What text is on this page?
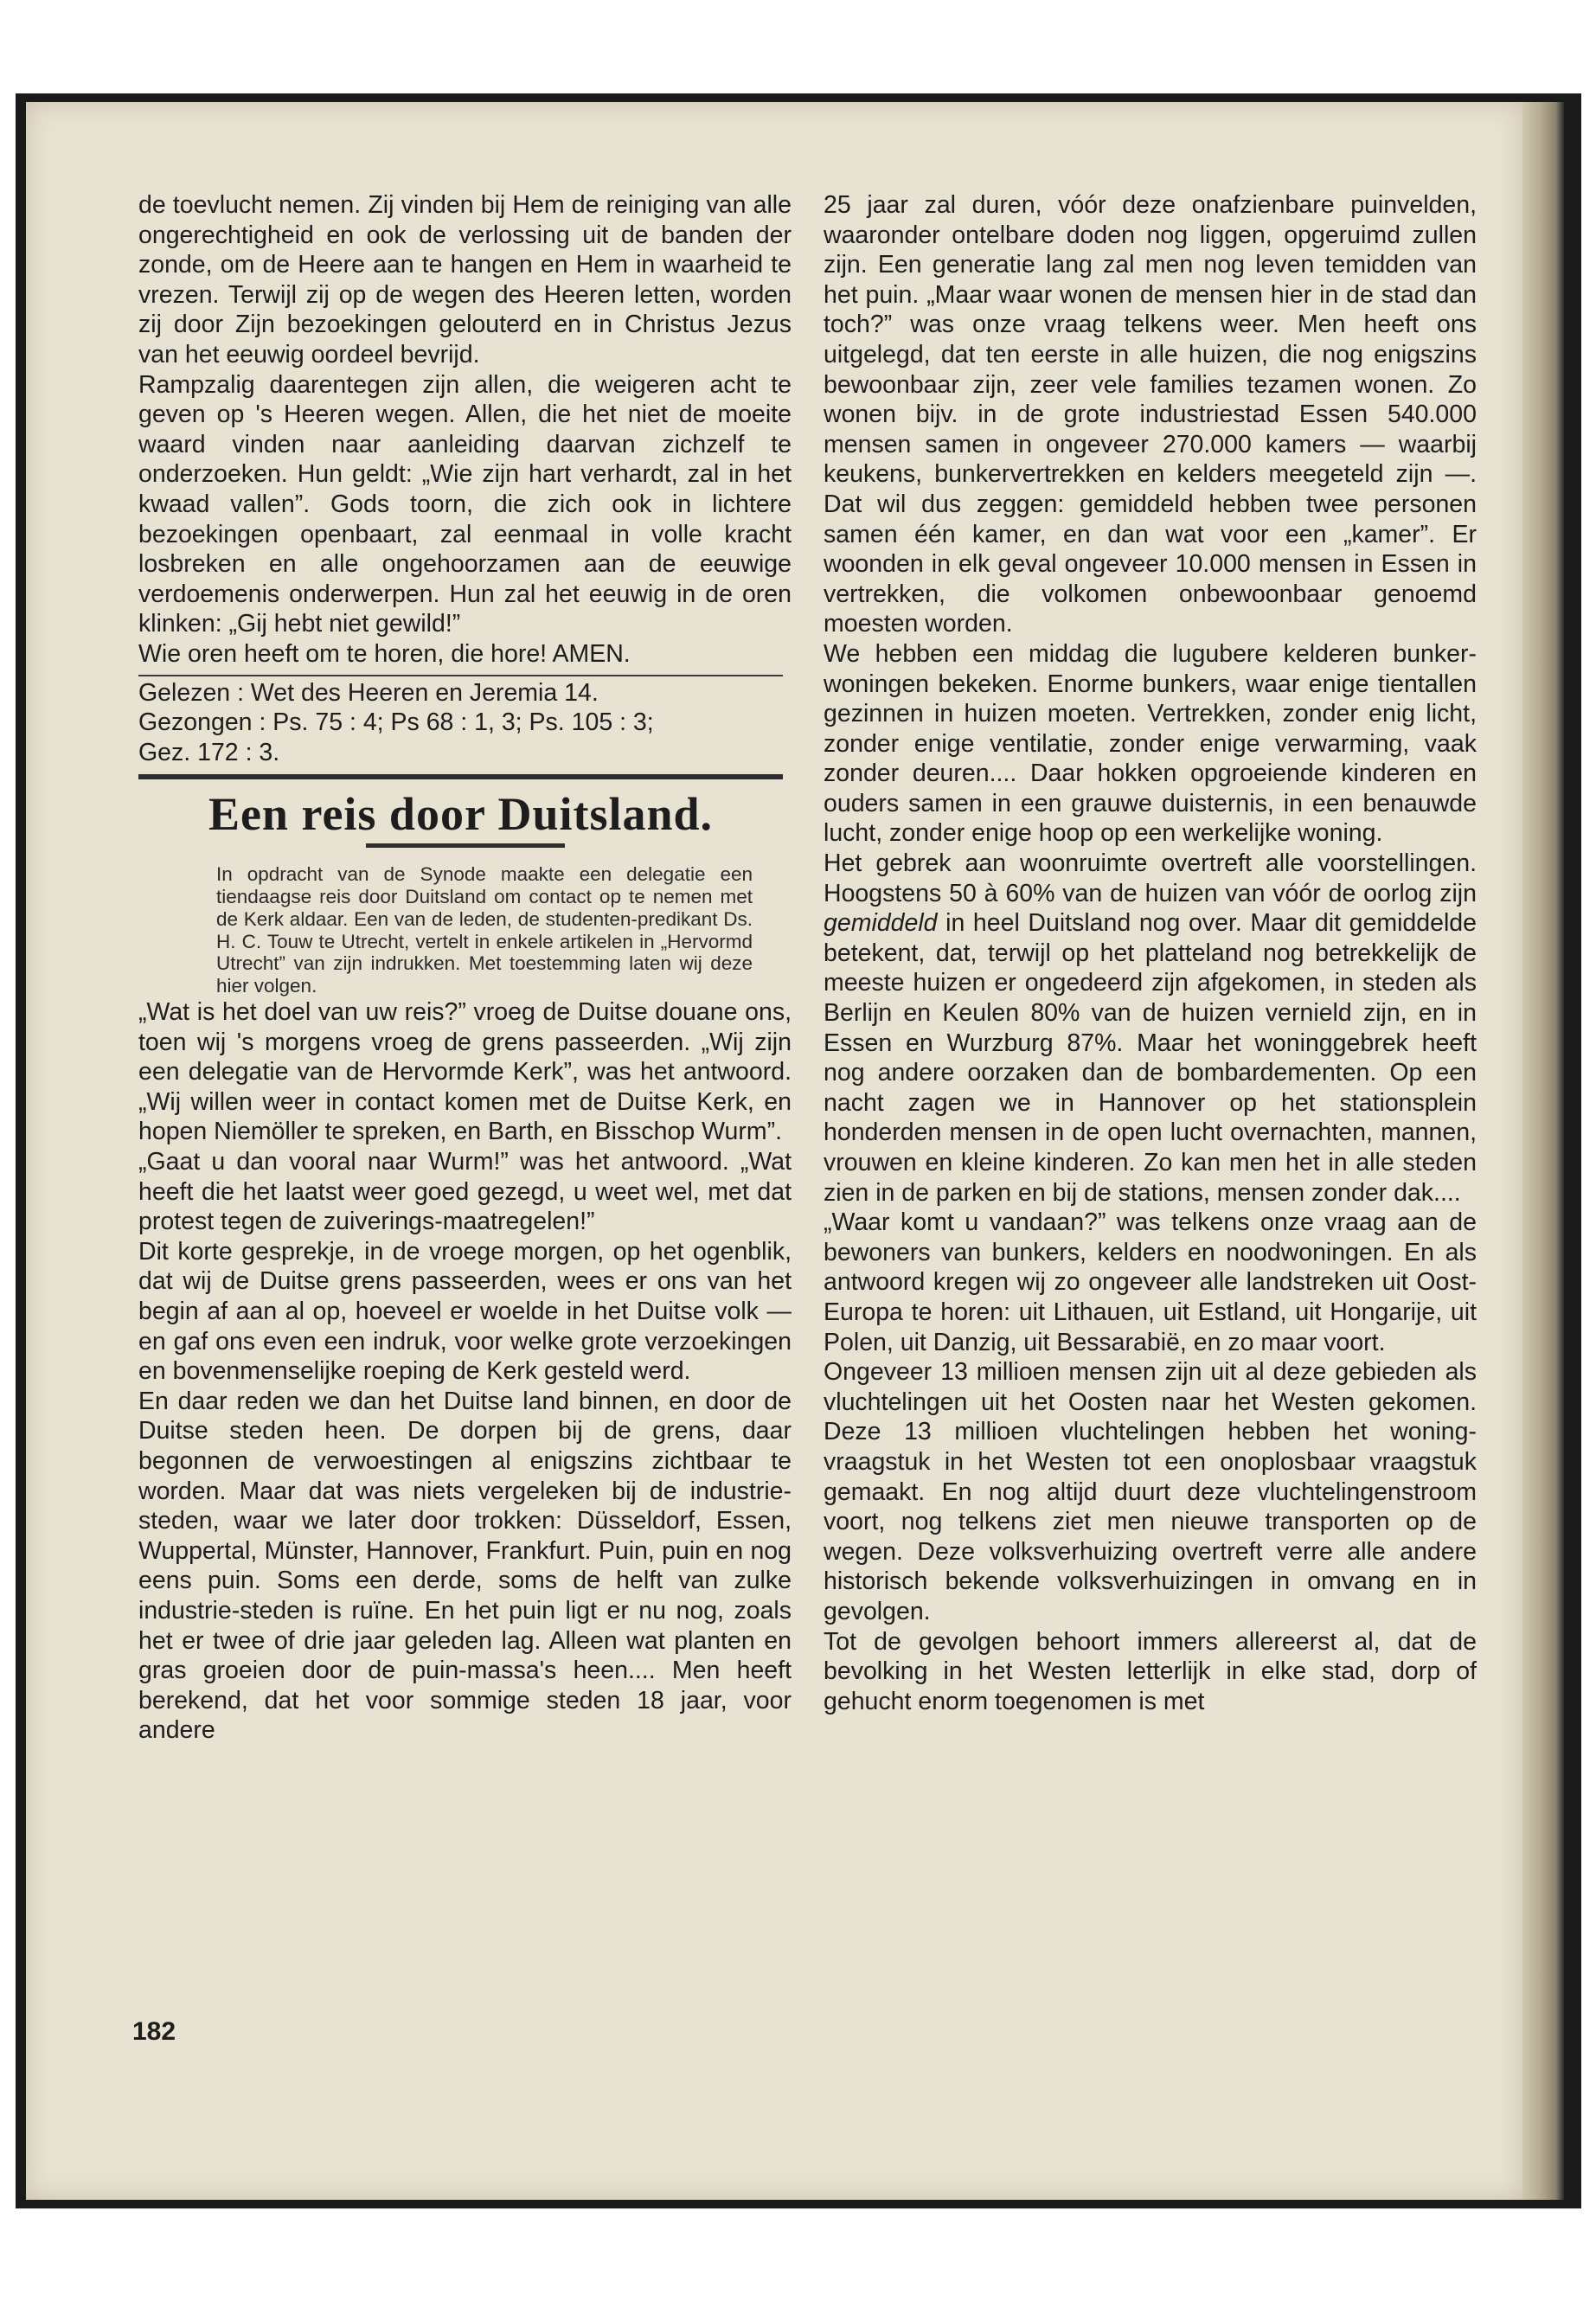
de toevlucht nemen. Zij vinden bij Hem de reiniging van alle ongerechtigheid en ook de verlossing uit de banden der zonde, om de Heere aan te hangen en Hem in waarheid te vrezen. Terwijl zij op de wegen des Heeren letten, worden zij door Zijn bezoekingen gelouterd en in Christus Jezus van het eeuwig oordeel bevrijd.

Rampzalig daarentegen zijn allen, die weigeren acht te geven op 's Heeren wegen. Allen, die het niet de moeite waard vinden naar aanleiding daarvan zichzelf te onderzoeken. Hun geldt: „Wie zijn hart verhardt, zal in het kwaad vallen”. Gods toorn, die zich ook in lichtere bezoekingen openbaart, zal eenmaal in volle kracht losbreken en alle ongehoorzamen aan de eeuwige verdoemenis onderwerpen. Hun zal het eeuwig in de oren klinken: „Gij hebt niet gewild!”

Wie oren heeft om te horen, die hore! AMEN.

Gelezen : Wet des Heeren en Jeremia 14.

Gezongen : Ps. 75 : 4; Ps 68 : 1, 3; Ps. 105 : 3;

Gez. 172 : 3.

Een reis door Duitsland.

In opdracht van de Synode maakte een delegatie een tiendaagse reis door Duitsland om contact op te nemen met de Kerk aldaar. Een van de leden, de studenten-predikant Ds. H. C. Touw te Utrecht, vertelt in enkele artikelen in „Hervormd Utrecht” van zijn indrukken. Met toestemming laten wij deze hier volgen.

„Wat is het doel van uw reis?” vroeg de Duitse douane ons, toen wij 's morgens vroeg de grens passeerden. „Wij zijn een delegatie van de Hervormde Kerk”, was het antwoord. „Wij willen weer in contact komen met de Duitse Kerk, en hopen Niemöller te spreken, en Barth, en Bisschop Wurm”.

„Gaat u dan vooral naar Wurm!” was het antwoord. „Wat heeft die het laatst weer goed gezegd, u weet wel, met dat protest tegen de zuiverings-maatregelen!”

Dit korte gesprekje, in de vroege morgen, op het ogenblik, dat wij de Duitse grens passeerden, wees er ons van het begin af aan al op, hoeveel er woelde in het Duitse volk — en gaf ons even een indruk, voor welke grote verzoekingen en bovenmenselijke roeping de Kerk gesteld werd.

En daar reden we dan het Duitse land binnen, en door de Duitse steden heen. De dorpen bij de grens, daar begonnen de verwoestingen al enigszins zichtbaar te worden. Maar dat was niets vergeleken bij de industrie-steden, waar we later door trokken: Düsseldorf, Essen, Wuppertal, Münster, Hannover, Frankfurt. Puin, puin en nog eens puin. Soms een derde, soms de helft van zulke industrie-steden is ruïne. En het puin ligt er nu nog, zoals het er twee of drie jaar geleden lag. Alleen wat planten en gras groeien door de puin-massa's heen.... Men heeft berekend, dat het voor sommige steden 18 jaar, voor andere

25 jaar zal duren, vóór deze onafzienbare puinvelden, waaronder ontelbare doden nog liggen, opgeruimd zullen zijn. Een generatie lang zal men nog leven temidden van het puin. „Maar waar wonen de mensen hier in de stad dan toch?” was onze vraag telkens weer. Men heeft ons uitgelegd, dat ten eerste in alle huizen, die nog enigszins bewoonbaar zijn, zeer vele families tezamen wonen. Zo wonen bijv. in de grote industriestad Essen 540.000 mensen samen in ongeveer 270.000 kamers — waarbij keukens, bunkervertrekken en kelders meegeteld zijn —. Dat wil dus zeggen: gemiddeld hebben twee personen samen één kamer, en dan wat voor een „kamer”. Er woonden in elk geval ongeveer 10.000 mensen in Essen in vertrekken, die volkomen onbewoonbaar genoemd moesten worden.

We hebben een middag die lugubere kelderen bunker-woningen bekeken. Enorme bunkers, waar enige tientallen gezinnen in huizen moeten. Vertrekken, zonder enig licht, zonder enige ventilatie, zonder enige verwarming, vaak zonder deuren.... Daar hokken opgroeiende kinderen en ouders samen in een grauwe duisternis, in een benauwde lucht, zonder enige hoop op een werkelijke woning.

Het gebrek aan woonruimte overtreft alle voorstellingen. Hoogstens 50 à 60% van de huizen van vóór de oorlog zijn gemiddeld in heel Duitsland nog over. Maar dit gemiddelde betekent, dat, terwijl op het platteland nog betrekkelijk de meeste huizen er ongedeerd zijn afgekomen, in steden als Berlijn en Keulen 80% van de huizen vernield zijn, en in Essen en Wurzburg 87%. Maar het woninggebrek heeft nog andere oorzaken dan de bombardementen. Op een nacht zagen we in Hannover op het stationsplein honderden mensen in de open lucht overnachten, mannen, vrouwen en kleine kinderen. Zo kan men het in alle steden zien in de parken en bij de stations, mensen zonder dak....

„Waar komt u vandaan?” was telkens onze vraag aan de bewoners van bunkers, kelders en noodwoningen. En als antwoord kregen wij zo ongeveer alle landstreken uit Oost-Europa te horen: uit Lithauen, uit Estland, uit Hongarije, uit Polen, uit Danzig, uit Bessarabië, en zo maar voort.

Ongeveer 13 millioen mensen zijn uit al deze gebieden als vluchtelingen uit het Oosten naar het Westen gekomen. Deze 13 millioen vluchtelingen hebben het woning-vraagstuk in het Westen tot een onoplosbaar vraagstuk gemaakt. En nog altijd duurt deze vluchtelingenstroom voort, nog telkens ziet men nieuwe transporten op de wegen. Deze volksverhuizing overtreft verre alle andere historisch bekende volksverhuizingen in omvang en in gevolgen.

Tot de gevolgen behoort immers allereerst al, dat de bevolking in het Westen letterlijk in elke stad, dorp of gehucht enorm toegenomen is met

182
